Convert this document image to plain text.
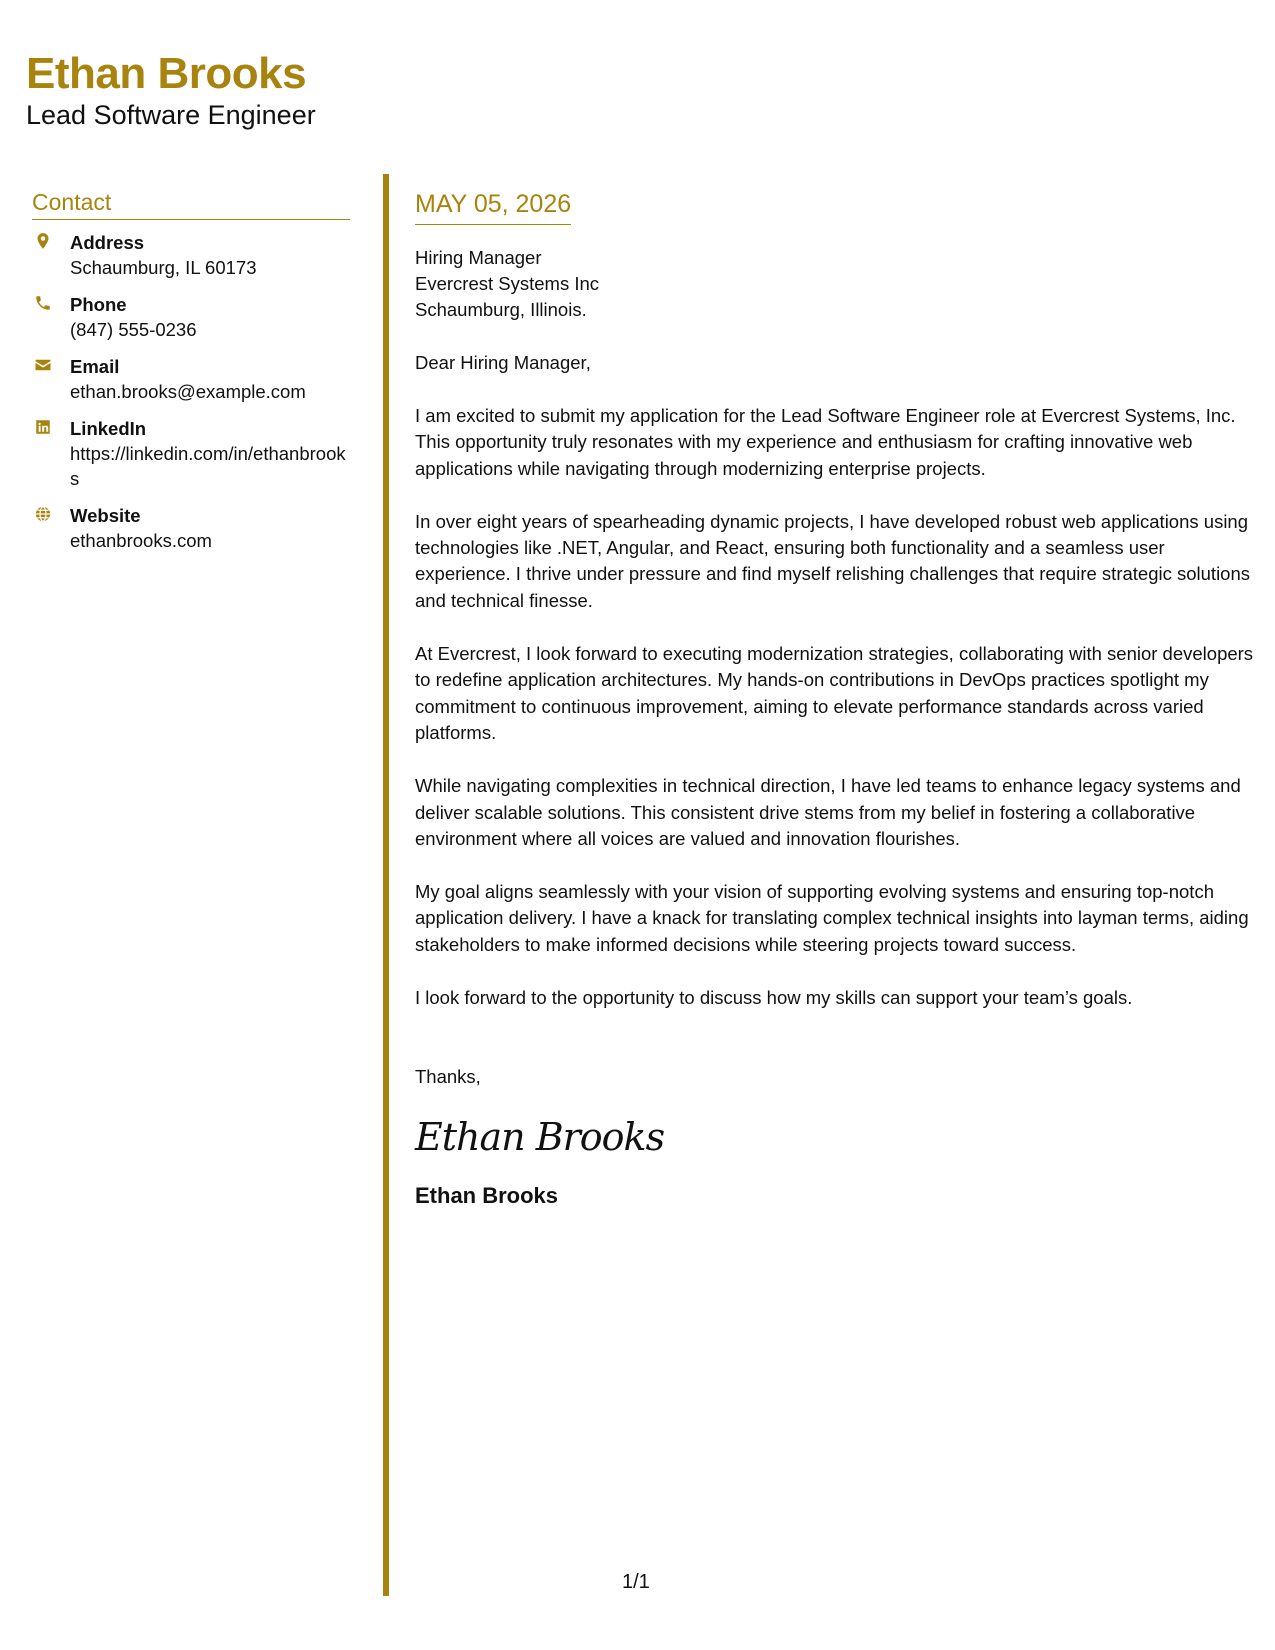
Ethan Brooks
Lead Software Engineer
Contact
Address
Schaumburg, IL 60173
Phone
(847) 555-0236
Email
ethan.brooks@example.com
LinkedIn
https://linkedin.com/in/ethanbrooks
Website
ethanbrooks.com
MAY 05, 2026
Hiring Manager
Evercrest Systems Inc
Schaumburg, Illinois.
Dear Hiring Manager,
I am excited to submit my application for the Lead Software Engineer role at Evercrest Systems, Inc. This opportunity truly resonates with my experience and enthusiasm for crafting innovative web applications while navigating through modernizing enterprise projects.
In over eight years of spearheading dynamic projects, I have developed robust web applications using technologies like .NET, Angular, and React, ensuring both functionality and a seamless user experience. I thrive under pressure and find myself relishing challenges that require strategic solutions and technical finesse.
At Evercrest, I look forward to executing modernization strategies, collaborating with senior developers to redefine application architectures. My hands-on contributions in DevOps practices spotlight my commitment to continuous improvement, aiming to elevate performance standards across varied platforms.
While navigating complexities in technical direction, I have led teams to enhance legacy systems and deliver scalable solutions. This consistent drive stems from my belief in fostering a collaborative environment where all voices are valued and innovation flourishes.
My goal aligns seamlessly with your vision of supporting evolving systems and ensuring top-notch application delivery. I have a knack for translating complex technical insights into layman terms, aiding stakeholders to make informed decisions while steering projects toward success.
I look forward to the opportunity to discuss how my skills can support your team’s goals.
Thanks,
Ethan Brooks
Ethan Brooks
1/1
